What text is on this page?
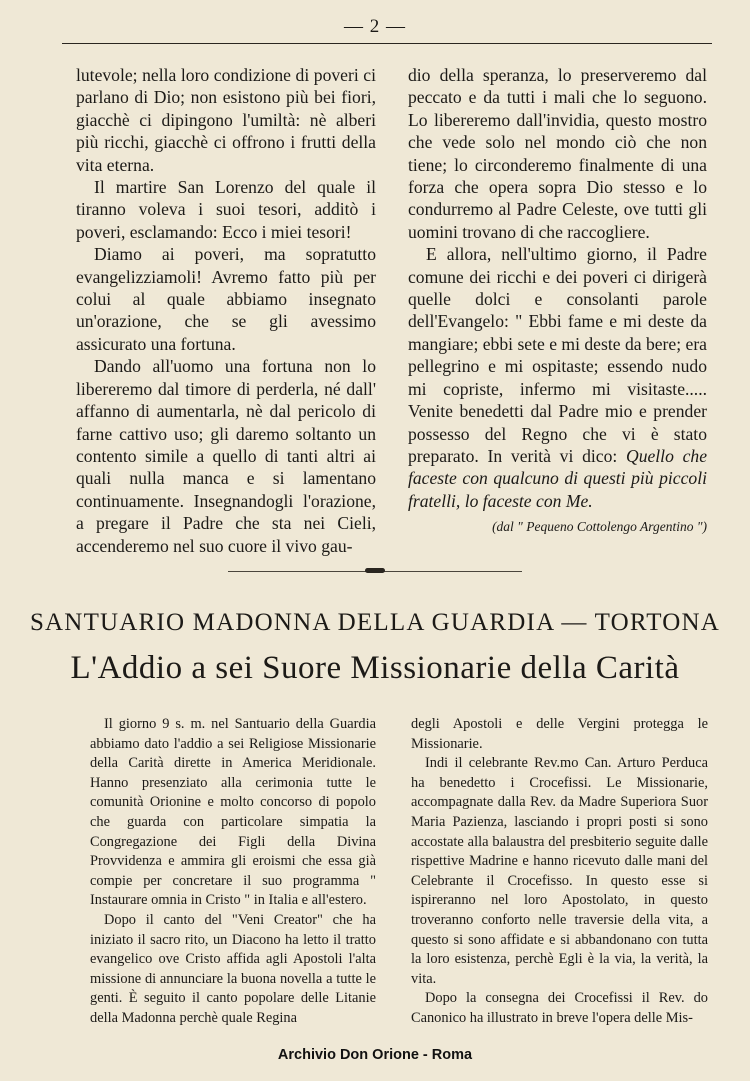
— 2 —

lutevole; nella loro condizione di poveri ci parlano di Dio; non esistono più bei fiori, giacchè ci dipingono l'umiltà: nè alberi più ricchi, giacchè ci offrono i frutti della vita eterna.

Il martire San Lorenzo del quale il tiranno voleva i suoi tesori, additò i poveri, esclamando: Ecco i miei tesori!

Diamo ai poveri, ma sopratutto evangelizziamoli! Avremo fatto più per colui al quale abbiamo insegnato un'orazione, che se gli avessimo assicurato una fortuna.

Dando all'uomo una fortuna non lo libereremo dal timore di perderla, né dall' affanno di aumentarla, nè dal pericolo di farne cattivo uso; gli daremo soltanto un contento simile a quello di tanti altri ai quali nulla manca e si lamentano continuamente. Insegnandogli l'orazione, a pregare il Padre che sta nei Cieli, accenderemo nel suo cuore il vivo gau-

dio della speranza, lo preserveremo dal peccato e da tutti i mali che lo seguono. Lo libereremo dall'invidia, questo mostro che vede solo nel mondo ciò che non tiene; lo circonderemo finalmente di una forza che opera sopra Dio stesso e lo condurremo al Padre Celeste, ove tutti gli uomini trovano di che raccogliere.

E allora, nell'ultimo giorno, il Padre comune dei ricchi e dei poveri ci dirigerà quelle dolci e consolanti parole dell'Evangelo: " Ebbi fame e mi deste da mangiare; ebbi sete e mi deste da bere; era pellegrino e mi ospitaste; essendo nudo mi copriste, infermo mi visitaste..... Venite benedetti dal Padre mio e prender possesso del Regno che vi è stato preparato. In verità vi dico: Quello che faceste con qualcuno di questi più piccoli fratelli, lo faceste con Me.

(dal " Pequeno Cottolengo Argentino ")
SANTUARIO MADONNA DELLA GUARDIA — TORTONA
L'Addio a sei Suore Missionarie della Carità

Il giorno 9 s. m. nel Santuario della Guardia abbiamo dato l'addio a sei Religiose Missionarie della Carità dirette in America Meridionale. Hanno presenziato alla cerimonia tutte le comunità Orionine e molto concorso di popolo che guarda con particolare simpatia la Congregazione dei Figli della Divina Provvidenza e ammira gli eroismi che essa già compie per concretare il suo programma " Instaurare omnia in Cristo " in Italia e all'estero.

Dopo il canto del "Veni Creator" che ha iniziato il sacro rito, un Diacono ha letto il tratto evangelico ove Cristo affida agli Apostoli l'alta missione di annunciare la buona novella a tutte le genti. È seguito il canto popolare delle Litanie della Madonna perchè quale Regina

degli Apostoli e delle Vergini protegga le Missionarie.

Indi il celebrante Rev.mo Can. Arturo Perduca ha benedetto i Crocefissi. Le Missionarie, accompagnate dalla Rev. da Madre Superiora Suor Maria Pazienza, lasciando i propri posti si sono accostate alla balaustra del presbiterio seguite dalle rispettive Madrine e hanno ricevuto dalle mani del Celebrante il Crocefisso. In questo esse si ispireranno nel loro Apostolato, in questo troveranno conforto nelle traversie della vita, a questo si sono affidate e si abbandonano con tutta la loro esistenza, perchè Egli è la via, la verità, la vita.

Dopo la consegna dei Crocefissi il Rev. do Canonico ha illustrato in breve l'opera delle Mis-

Archivio Don Orione - Roma
